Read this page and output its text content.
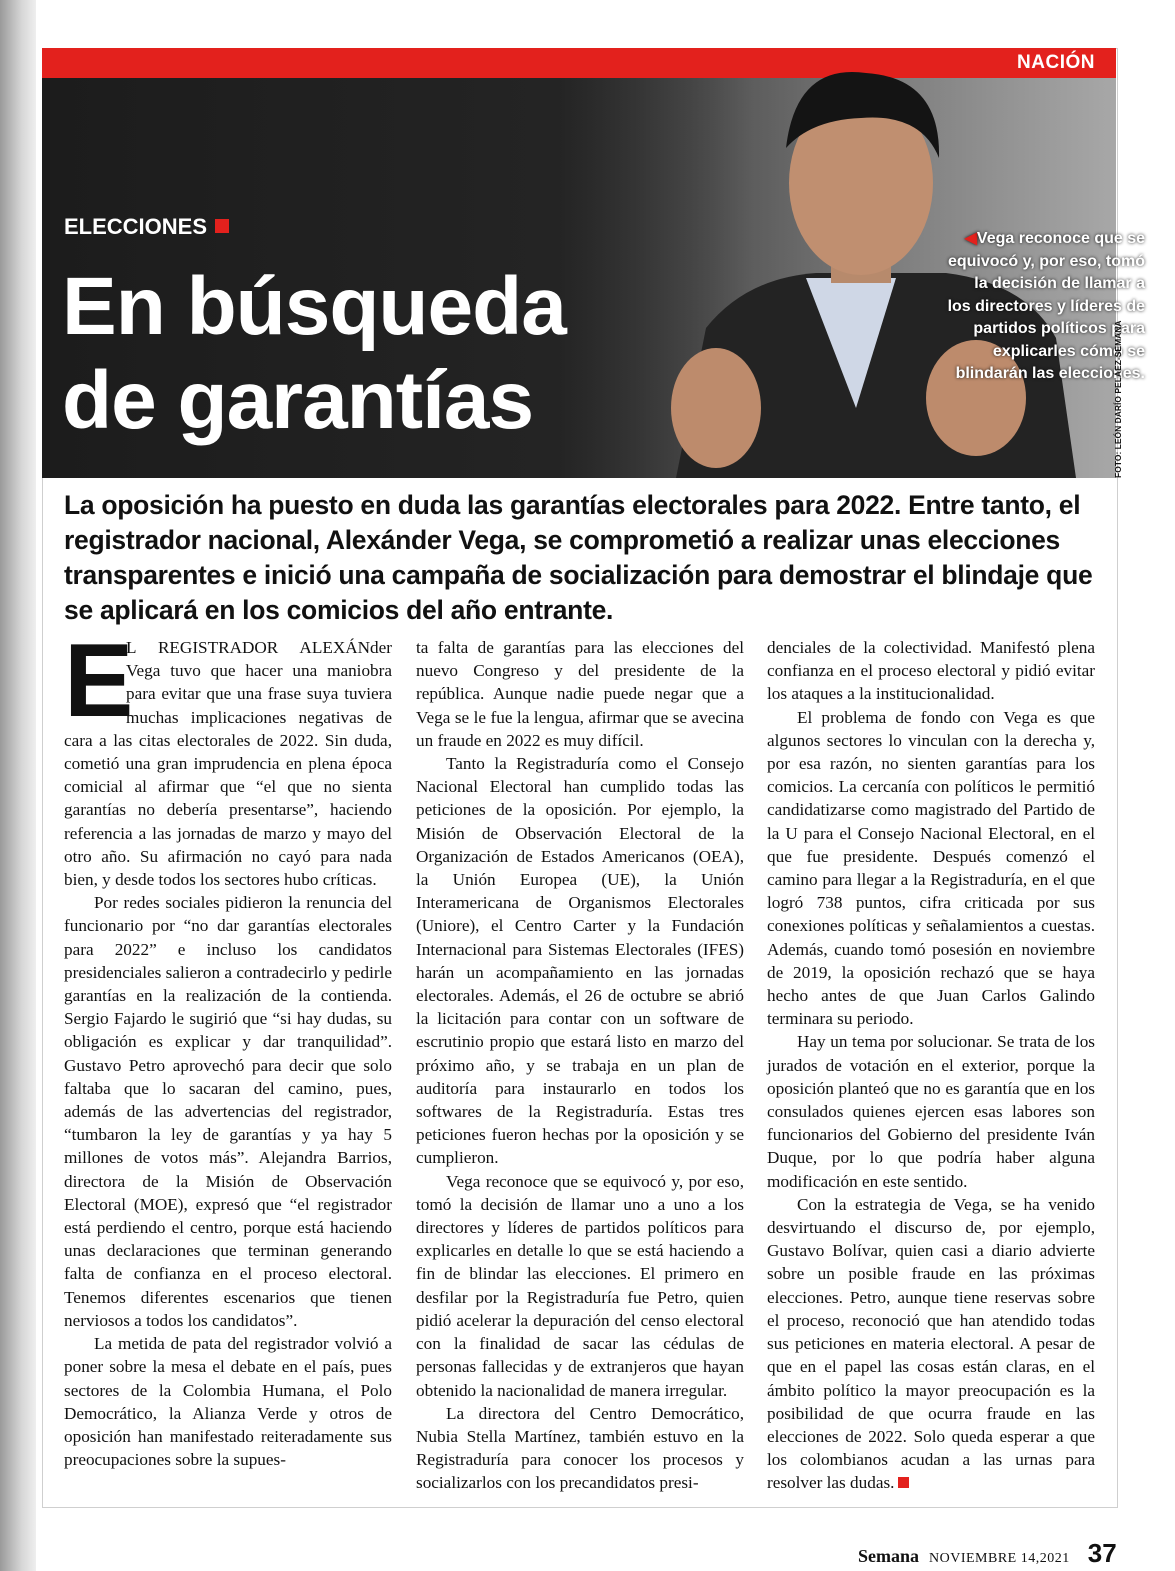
NACIÓN
ELECCIONES
En búsqueda
de garantías
◀Vega reconoce que se equivocó y, por eso, tomó la decisión de llamar a los directores y líderes de partidos políticos para explicarles cómo se blindarán las elecciones.
FOTO: LEÓN DARÍO PELÁEZ-SEMANA

La oposición ha puesto en duda las garantías electorales para 2022. Entre tanto, el registrador nacional, Alexánder Vega, se comprometió a realizar unas elecciones transparentes e inició una campaña de socialización para demostrar el blindaje que se aplicará en los comicios del año entrante.

E
L REGISTRADOR ALEXÁNder Vega tuvo que hacer una maniobra para evitar que una frase suya tuviera muchas implicaciones negativas de cara a las citas electorales de 2022. Sin duda, cometió una gran imprudencia en plena época comicial al afirmar que “el que no sienta garantías no debería presentarse”, haciendo referencia a las jornadas de marzo y mayo del otro año. Su afirmación no cayó para nada bien, y desde todos los sectores hubo críticas.

Por redes sociales pidieron la renuncia del funcionario por “no dar garantías electorales para 2022” e incluso los candidatos presidenciales salieron a contradecirlo y pedirle garantías en la realización de la contienda. Sergio Fajardo le sugirió que “si hay dudas, su obligación es explicar y dar tranquilidad”. Gustavo Petro aprovechó para decir que solo faltaba que lo sacaran del camino, pues, además de las advertencias del registrador, “tumbaron la ley de garantías y ya hay 5 millones de votos más”. Alejandra Barrios, directora de la Misión de Observación Electoral (MOE), expresó que “el registrador está perdiendo el centro, porque está haciendo unas declaraciones que terminan generando falta de confianza en el proceso electoral. Tenemos diferentes escenarios que tienen nerviosos a todos los candidatos”.

La metida de pata del registrador volvió a poner sobre la mesa el debate en el país, pues sectores de la Colombia Humana, el Polo Democrático, la Alianza Verde y otros de oposición han manifestado reiteradamente sus preocupaciones sobre la supues-

ta falta de garantías para las elecciones del nuevo Congreso y del presidente de la república. Aunque nadie puede negar que a Vega se le fue la lengua, afirmar que se avecina un fraude en 2022 es muy difícil.

Tanto la Registraduría como el Consejo Nacional Electoral han cumplido todas las peticiones de la oposición. Por ejemplo, la Misión de Observación Electoral de la Organización de Estados Americanos (OEA), la Unión Europea (UE), la Unión Interamericana de Organismos Electorales (Uniore), el Centro Carter y la Fundación Internacional para Sistemas Electorales (IFES) harán un acompañamiento en las jornadas electorales. Además, el 26 de octubre se abrió la licitación para contar con un software de escrutinio propio que estará listo en marzo del próximo año, y se trabaja en un plan de auditoría para instaurarlo en todos los softwares de la Registraduría. Estas tres peticiones fueron hechas por la oposición y se cumplieron.

Vega reconoce que se equivocó y, por eso, tomó la decisión de llamar uno a uno a los directores y líderes de partidos políticos para explicarles en detalle lo que se está haciendo a fin de blindar las elecciones. El primero en desfilar por la Registraduría fue Petro, quien pidió acelerar la depuración del censo electoral con la finalidad de sacar las cédulas de personas fallecidas y de extranjeros que hayan obtenido la nacionalidad de manera irregular.

La directora del Centro Democrático, Nubia Stella Martínez, también estuvo en la Registraduría para conocer los procesos y socializarlos con los precandidatos presi-

denciales de la colectividad. Manifestó plena confianza en el proceso electoral y pidió evitar los ataques a la institucionalidad.

El problema de fondo con Vega es que algunos sectores lo vinculan con la derecha y, por esa razón, no sienten garantías para los comicios. La cercanía con políticos le permitió candidatizarse como magistrado del Partido de la U para el Consejo Nacional Electoral, en el que fue presidente. Después comenzó el camino para llegar a la Registraduría, en el que logró 738 puntos, cifra criticada por sus conexiones políticas y señalamientos a cuestas. Además, cuando tomó posesión en noviembre de 2019, la oposición rechazó que se haya hecho antes de que Juan Carlos Galindo terminara su periodo.

Hay un tema por solucionar. Se trata de los jurados de votación en el exterior, porque la oposición planteó que no es garantía que en los consulados quienes ejercen esas labores son funcionarios del Gobierno del presidente Iván Duque, por lo que podría haber alguna modificación en este sentido.

Con la estrategia de Vega, se ha venido desvirtuando el discurso de, por ejemplo, Gustavo Bolívar, quien casi a diario advierte sobre un posible fraude en las próximas elecciones. Petro, aunque tiene reservas sobre el proceso, reconoció que han atendido todas sus peticiones en materia electoral. A pesar de que en el papel las cosas están claras, en el ámbito político la mayor preocupación es la posibilidad de que ocurra fraude en las elecciones de 2022. Solo queda esperar a que los colombianos acudan a las urnas para resolver las dudas.

Semana NOVIEMBRE 14,2021 37
